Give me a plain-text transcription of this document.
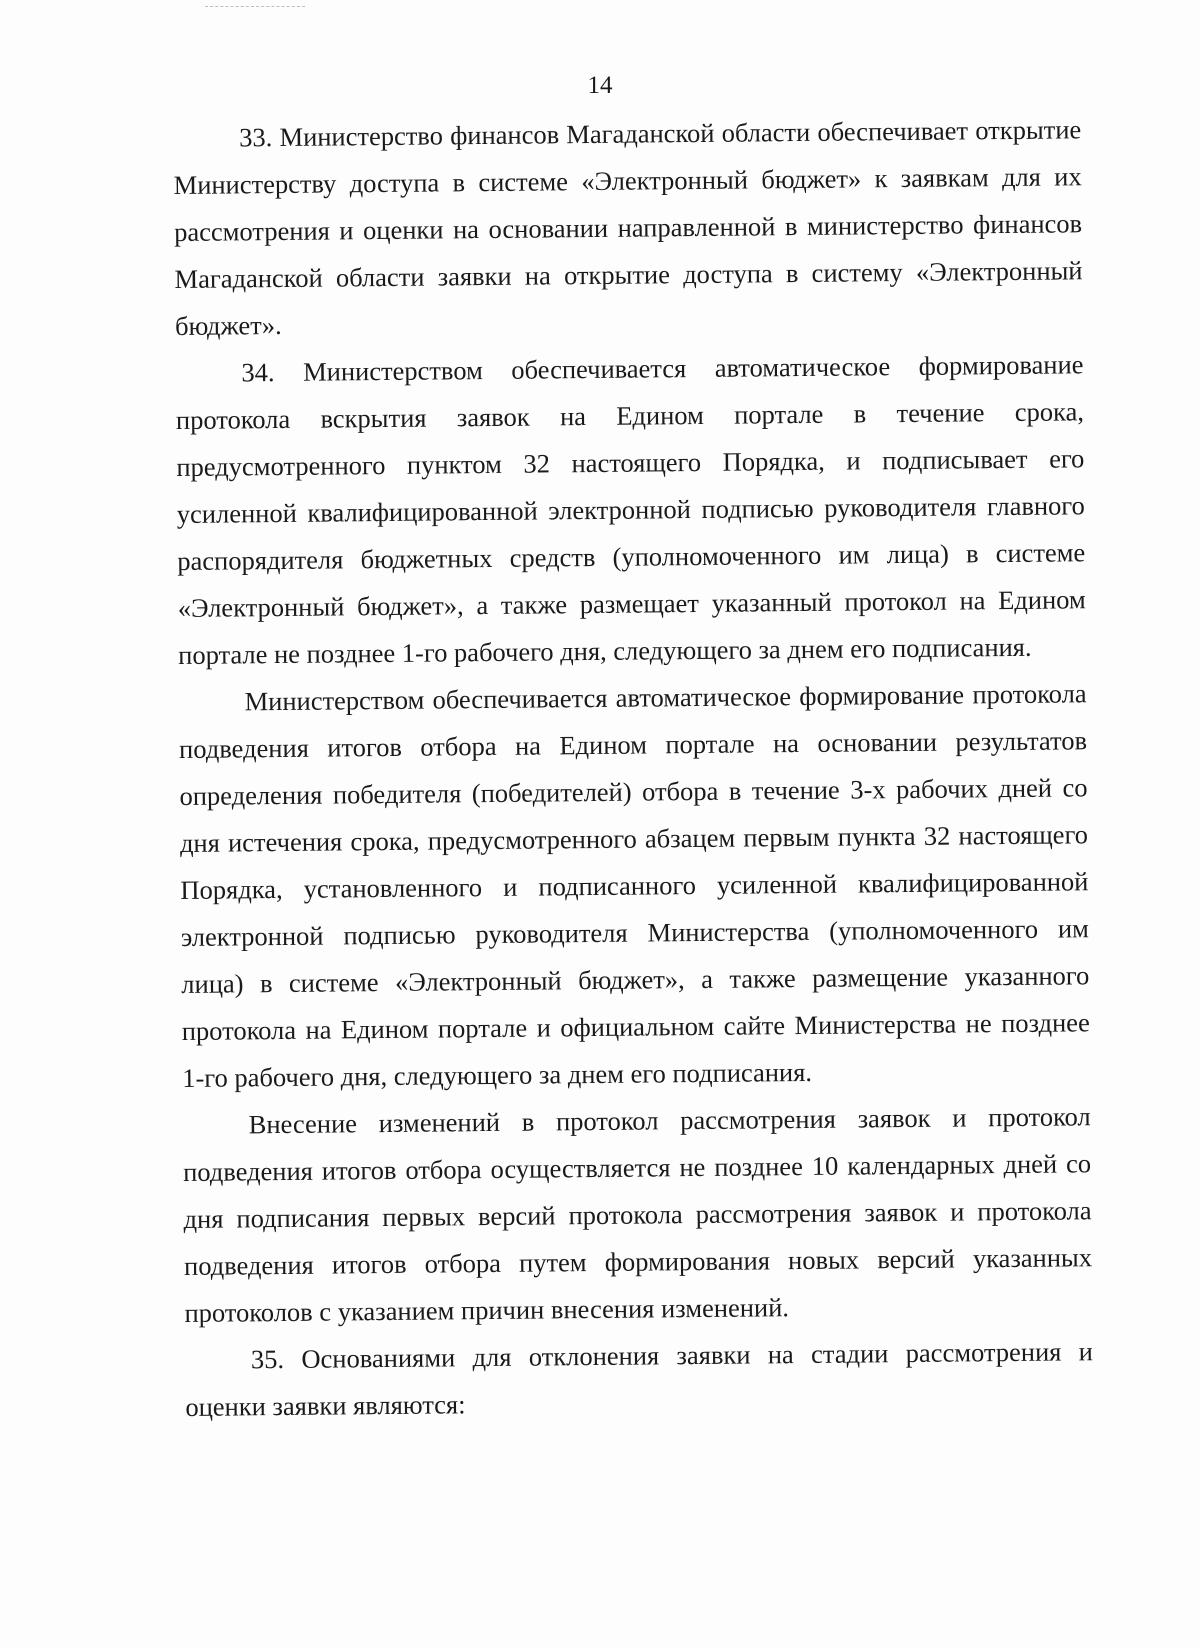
14

33. Министерство финансов Магаданской области обеспечивает открытие Министерству доступа в системе «Электронный бюджет» к заявкам для их рассмотрения и оценки на основании направленной в министерство финансов Магаданской области заявки на открытие доступа в систему «Электронный бюджет».

34. Министерством обеспечивается автоматическое формирование протокола вскрытия заявок на Едином портале в течение срока, предусмотренного пунктом 32 настоящего Порядка, и подписывает его усиленной квалифицированной электронной подписью руководителя главного распорядителя бюджетных средств (уполномоченного им лица) в системе «Электронный бюджет», а также размещает указанный протокол на Едином портале не позднее 1-го рабочего дня, следующего за днем его подписания.

Министерством обеспечивается автоматическое формирование протокола подведения итогов отбора на Едином портале на основании результатов определения победителя (победителей) отбора в течение 3-х рабочих дней со дня истечения срока, предусмотренного абзацем первым пункта 32 настоящего Порядка, установленного и подписанного усиленной квалифицированной электронной подписью руководителя Министерства (уполномоченного им лица) в системе «Электронный бюджет», а также размещение указанного протокола на Едином портале и официальном сайте Министерства не позднее 1-го рабочего дня, следующего за днем его подписания.

Внесение изменений в протокол рассмотрения заявок и протокол подведения итогов отбора осуществляется не позднее 10 календарных дней со дня подписания первых версий протокола рассмотрения заявок и протокола подведения итогов отбора путем формирования новых версий указанных протоколов с указанием причин внесения изменений.

35. Основаниями для отклонения заявки на стадии рассмотрения и оценки заявки являются:
